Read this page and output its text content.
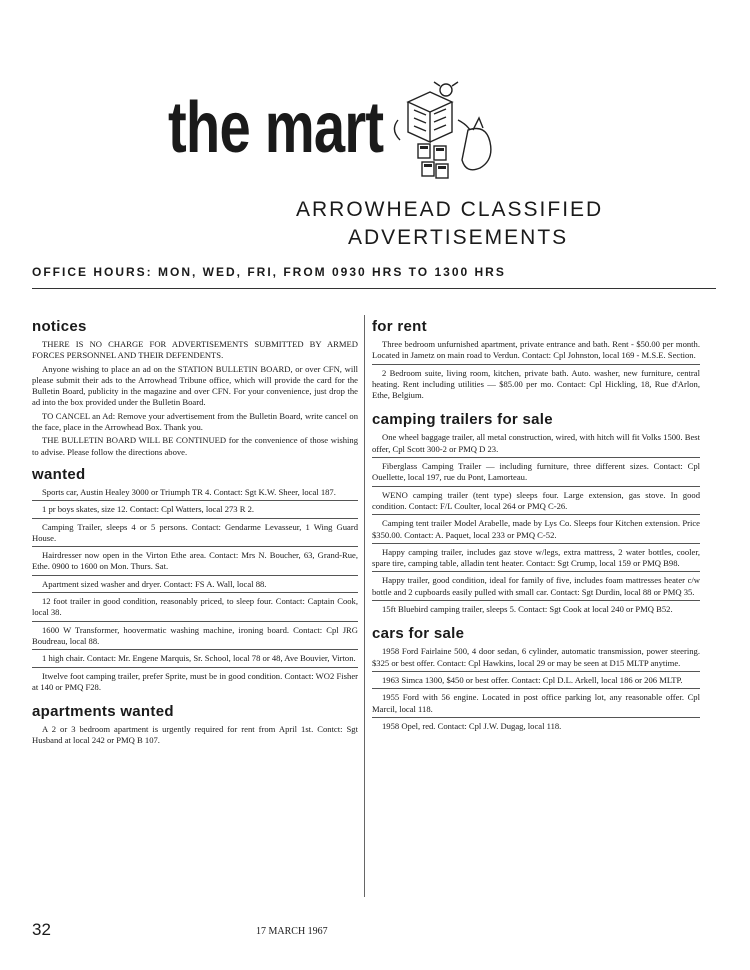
the mart
ARROWHEAD CLASSIFIED
ADVERTISEMENTS
OFFICE HOURS: MON, WED, FRI, FROM 0930 HRS TO 1300 HRS
notices

THERE IS NO CHARGE FOR ADVERTISEMENTS SUBMITTED BY ARMED FORCES PERSONNEL AND THEIR DEFENDENTS.

Anyone wishing to place an ad on the STATION BULLETIN BOARD, or over CFN, will please submit their ads to the Arrowhead Tribune office, which will provide the card for the Bulletin Board, publicity in the magazine and over CFN. For your convenience, just drop the ad into the box provided under the Bulletin Board.

TO CANCEL an Ad: Remove your advertisement from the Bulletin Board, write cancel on the face, place in the Arrowhead Box. Thank you.

THE BULLETIN BOARD WILL BE CONTINUED for the convenience of those wishing to advise. Please follow the directions above.

wanted
Sports car, Austin Healey 3000 or Triumph TR 4. Contact: Sgt K.W. Sheer, local 187.
1 pr boys skates, size 12. Contact: Cpl Watters, local 273 R 2.
Camping Trailer, sleeps 4 or 5 persons. Contact: Gendarme Levasseur, 1 Wing Guard House.
Hairdresser now open in the Virton Ethe area. Contact: Mrs N. Boucher, 63, Grand-Rue, Ethe. 0900 to 1600 on Mon. Thurs. Sat.
Apartment sized washer and dryer. Contact: FS A. Wall, local 88.
12 foot trailer in good condition, reasonably priced, to sleep four. Contact: Captain Cook, local 38.
1600 W Transformer, hoovermatic washing machine, ironing board. Contact: Cpl JRG Boudreau, local 88.
1 high chair. Contact: Mr. Engene Marquis, Sr. School, local 78 or 48, Ave Bouvier, Virton.
Itwelve foot camping trailer, prefer Sprite, must be in good condition. Contact: WO2 Fisher at 140 or PMQ F28.
apartments wanted
A 2 or 3 bedroom apartment is urgently required for rent from April 1st. Contct: Sgt Husband at local 242 or PMQ B 107.
for rent
Three bedroom unfurnished apartment, private entrance and bath. Rent - $50.00 per month. Located in Jametz on main road to Verdun. Contact: Cpl Johnston, local 169 - M.S.E. Section.
2 Bedroom suite, living room, kitchen, private bath. Auto. washer, new furniture, central heating. Rent including utilities — $85.00 per mo. Contact: Cpl Hickling, 18, Rue d'Arlon, Ethe, Belgium.
camping trailers for sale
One wheel baggage trailer, all metal construction, wired, with hitch will fit Volks 1500. Best offer, Cpl Scott 300-2 or PMQ D 23.
Fiberglass Camping Trailer — including furniture, three different sizes. Contact: Cpl Ouellette, local 197, rue du Pont, Lamorteau.
WENO camping trailer (tent type) sleeps four. Large extension, gas stove. In good condition. Contact: F/L Coulter, local 264 or PMQ C-26.
Camping tent trailer Model Arabelle, made by Lys Co. Sleeps four Kitchen extension. Price $350.00. Contact: A. Paquet, local 233 or PMQ C-52.
Happy camping trailer, includes gaz stove w/legs, extra mattress, 2 water bottles, cooler, spare tire, camping table, alladin tent heater. Contact: Sgt Crump, local 159 or PMQ B98.
Happy trailer, good condition, ideal for family of five, includes foam mattresses heater c/w bottle and 2 cupboards easily pulled with small car. Contact: Sgt Durdin, local 88 or PMQ 35.
15ft Bluebird camping trailer, sleeps 5. Contact: Sgt Cook at local 240 or PMQ B52.
cars for sale
1958 Ford Fairlaine 500, 4 door sedan, 6 cylinder, automatic transmission, power steering. $325 or best offer. Contact: Cpl Hawkins, local 29 or may be seen at D15 MLTP anytime.
1963 Simca 1300, $450 or best offer. Contact: Cpl D.L. Arkell, local 186 or 206 MLTP.
1955 Ford with 56 engine. Located in post office parking lot, any reasonable offer. Cpl Marcil, local 118.
1958 Opel, red. Contact: Cpl J.W. Dugag, local 118.
32	17 MARCH 1967
